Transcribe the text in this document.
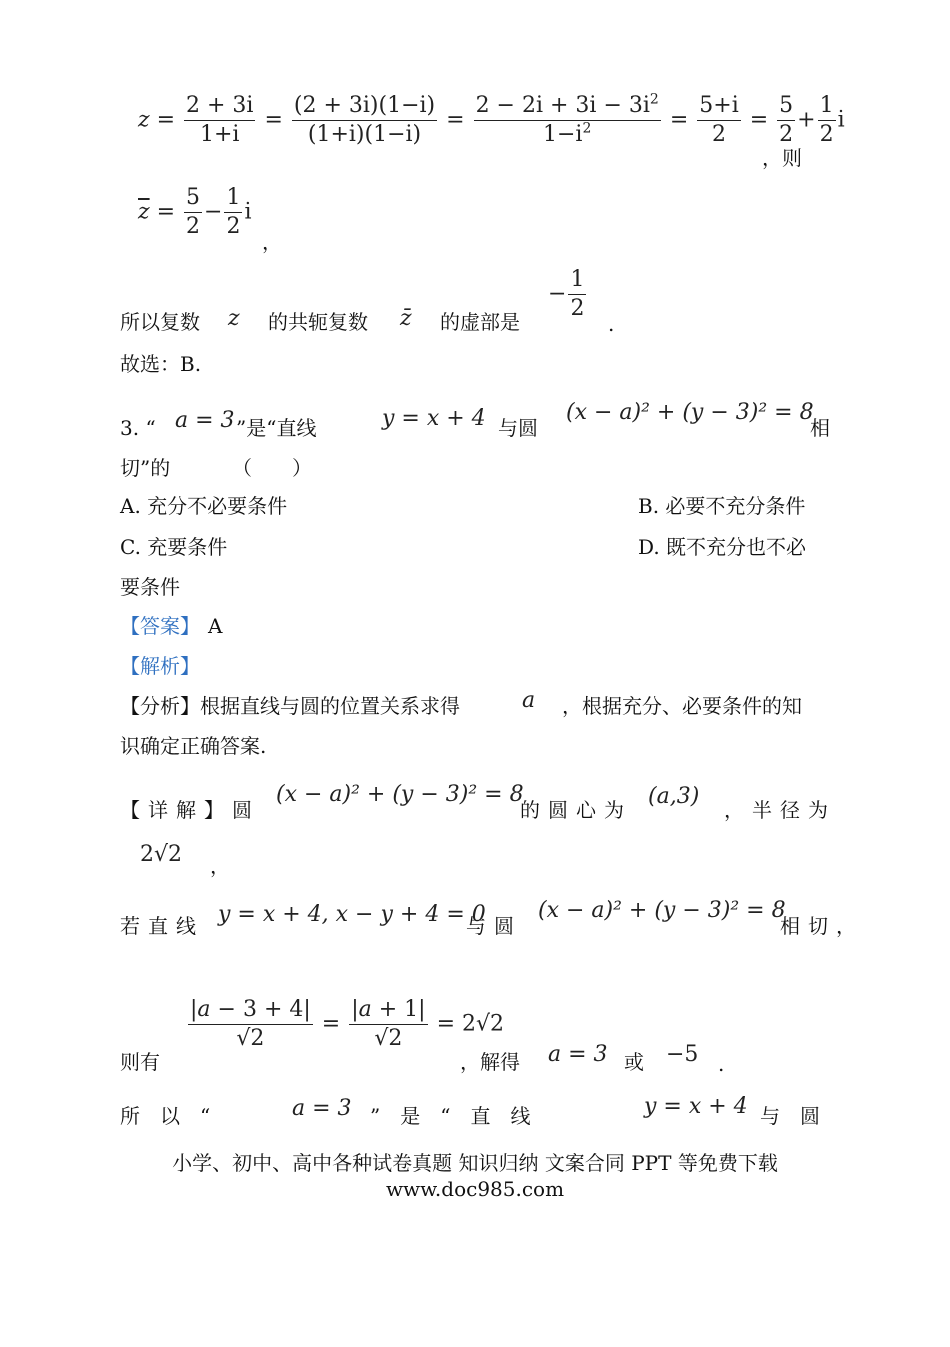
$z = \frac{2 + 3i}{1+i} = \frac{(2 + 3i)(1-i)}{(1+i)(1-i)} = \frac{2 - 2i + 3i - 3i^2}{1-i^2} = \frac{5+i}{2} = \frac{5}{2} + \frac{1}{2}$ i
，则
$\overline{z} = \frac{5}{2} - \frac{1}{2}$ i
，
所以复数 z 的共轭复数 z̄ 的虚部是
− $\frac{1}{2}$
.
故选：B.
3. “ a = 3 ”是“直线	y = x + 4 与圆
(x − a)² + (y − 3)² = 8
相
切”的	（　　）
A. 充分不必要条件	B. 必要不充分条件
C. 充要条件	D. 既不充分也不必
要条件
【答案】 A
【解析】
【分析】根据直线与圆的位置关系求得	a ，根据充分、必要条件的知
识确定正确答案.
【详解】圆
(x − a)² + (y − 3)² = 8
的圆心为
(a,3)
，半径为
2√2 ，
若直线 y = x + 4, x − y + 4 = 0
与圆
(x − a)² + (y − 3)² = 8
相切，
$\frac{|a - 3 + 4|}{√2} = \frac{|a + 1|}{√2} = 2√2$
则有	，解得 a = 3 或 −5 .
所　以　“	a = 3 ”　是　“　直　线	y = x + 4 与　圆
小学、初中、高中各种试卷真题 知识归纳 文案合同 PPT 等免费下载
www.doc985.com
